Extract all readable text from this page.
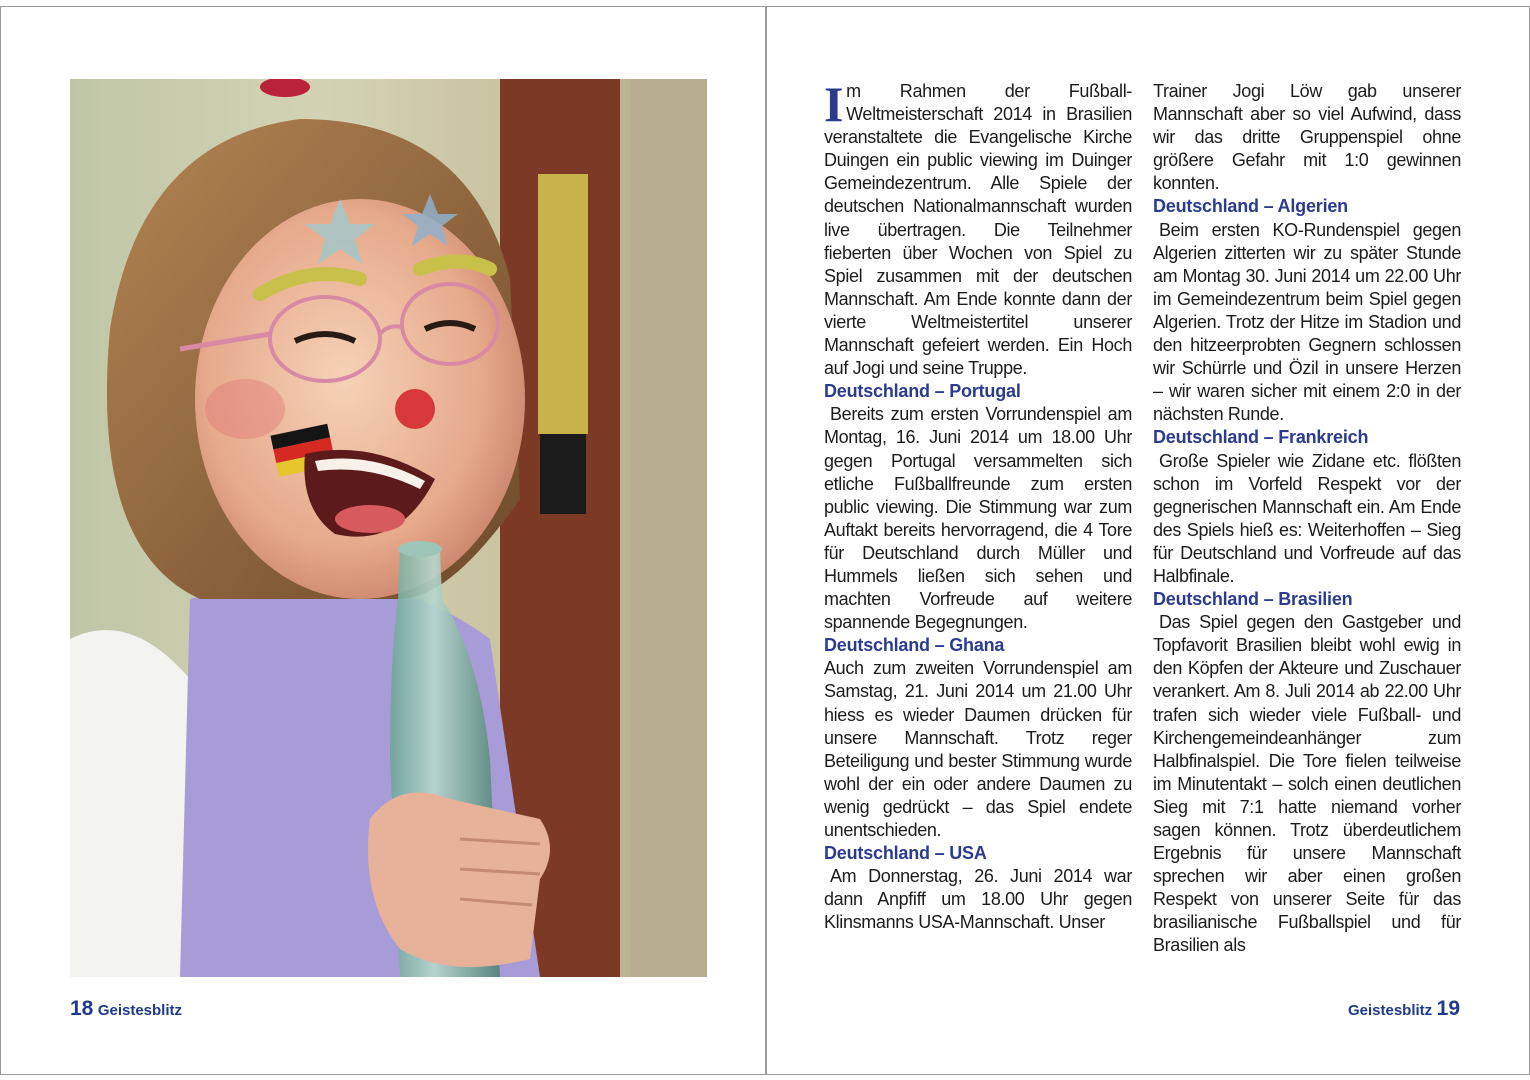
18 Geistesblitz

Im Rahmen der Fußball-Weltmeisterschaft 2014 in Brasilien veranstaltete die Evangelische Kirche Duingen ein public viewing im Duinger Gemeindezentrum. Alle Spiele der deutschen Nationalmannschaft wurden live übertragen. Die Teilnehmer fieberten über Wochen von Spiel zu Spiel zusammen mit der deutschen Mannschaft. Am Ende konnte dann der vierte Weltmeistertitel unserer Mannschaft gefeiert werden. Ein Hoch auf Jogi und seine Truppe.

Deutschland – Portugal

Bereits zum ersten Vorrundenspiel am Montag, 16. Juni 2014 um 18.00 Uhr gegen Portugal versammelten sich etliche Fußballfreunde zum ersten public viewing. Die Stimmung war zum Auftakt bereits hervorragend, die 4 Tore für Deutschland durch Müller und Hummels ließen sich sehen und machten Vorfreude auf weitere spannende Begegnungen.

Deutschland – Ghana

Auch zum zweiten Vorrundenspiel am Samstag, 21. Juni 2014 um 21.00 Uhr hiess es wieder Daumen drücken für unsere Mannschaft. Trotz reger Beteiligung und bester Stimmung wurde wohl der ein oder andere Daumen zu wenig gedrückt – das Spiel endete unentschieden.

Deutschland – USA

Am Donnerstag, 26. Juni 2014 war dann Anpfiff um 18.00 Uhr gegen Klinsmanns USA-Mannschaft. Unser

Trainer Jogi Löw gab unserer Mannschaft aber so viel Aufwind, dass wir das dritte Gruppenspiel ohne größere Gefahr mit 1:0 gewinnen konnten.

Deutschland – Algerien

Beim ersten KO-Rundenspiel gegen Algerien zitterten wir zu später Stunde am Montag 30. Juni 2014 um 22.00 Uhr im Gemeindezentrum beim Spiel gegen Algerien. Trotz der Hitze im Stadion und den hitzeerprobten Gegnern schlossen wir Schürrle und Özil in unsere Herzen – wir waren sicher mit einem 2:0 in der nächsten Runde.

Deutschland – Frankreich

Große Spieler wie Zidane etc. flößten schon im Vorfeld Respekt vor der gegnerischen Mannschaft ein. Am Ende des Spiels hieß es: Weiterhoffen – Sieg für Deutschland und Vorfreude auf das Halbfinale.

Deutschland – Brasilien

Das Spiel gegen den Gastgeber und Topfavorit Brasilien bleibt wohl ewig in den Köpfen der Akteure und Zuschauer verankert. Am 8. Juli 2014 ab 22.00 Uhr trafen sich wieder viele Fußball- und Kirchengemeindeanhänger zum Halbfinalspiel. Die Tore fielen teilweise im Minutentakt – solch einen deutlichen Sieg mit 7:1 hatte niemand vorher sagen können. Trotz überdeutlichem Ergebnis für unsere Mannschaft sprechen wir aber einen großen Respekt von unserer Seite für das brasilianische Fußballspiel und für Brasilien als

Geistesblitz 19
